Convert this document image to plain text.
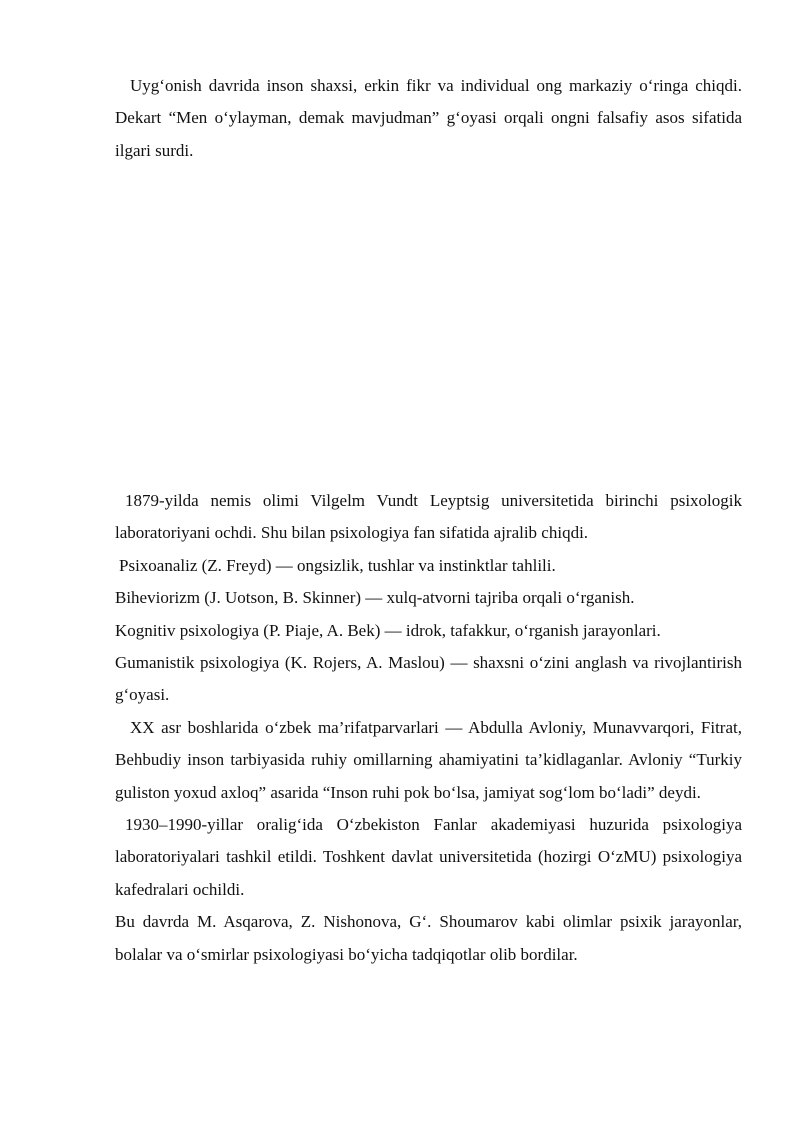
Uyg‘onish davrida inson shaxsi, erkin fikr va individual ong markaziy o‘ringa chiqdi. Dekart “Men o‘ylayman, demak mavjudman” g‘oyasi orqali ongni falsafiy asos sifatida ilgari surdi.

1879-yilda nemis olimi Vilgelm Vundt Leyptsig universitetida birinchi psixologik laboratoriyani ochdi. Shu bilan psixologiya fan sifatida ajralib chiqdi.

Psixoanaliz (Z. Freyd) — ongsizlik, tushlar va instinktlar tahlili.

Biheviorizm (J. Uotson, B. Skinner) — xulq-atvorni tajriba orqali o‘rganish.

Kognitiv psixologiya (P. Piaje, A. Bek) — idrok, tafakkur, o‘rganish jarayonlari.

Gumanistik psixologiya (K. Rojers, A. Maslou) — shaxsni o‘zini anglash va rivojlantirish g‘oyasi.

XX asr boshlarida o‘zbek ma’rifatparvarlari — Abdulla Avloniy, Munavvarqori, Fitrat, Behbudiy inson tarbiyasida ruhiy omillarning ahamiyatini ta’kidlaganlar. Avloniy “Turkiy guliston yoxud axloq” asarida “Inson ruhi pok bo‘lsa, jamiyat sog‘lom bo‘ladi” deydi.

1930–1990-yillar oralig‘ida O‘zbekiston Fanlar akademiyasi huzurida psixologiya laboratoriyalari tashkil etildi. Toshkent davlat universitetida (hozirgi O‘zMU) psixologiya kafedralari ochildi.

Bu davrda M. Asqarova, Z. Nishonova, G‘. Shoumarov kabi olimlar psixik jarayonlar, bolalar va o‘smirlar psixologiyasi bo‘yicha tadqiqotlar olib bordilar.
